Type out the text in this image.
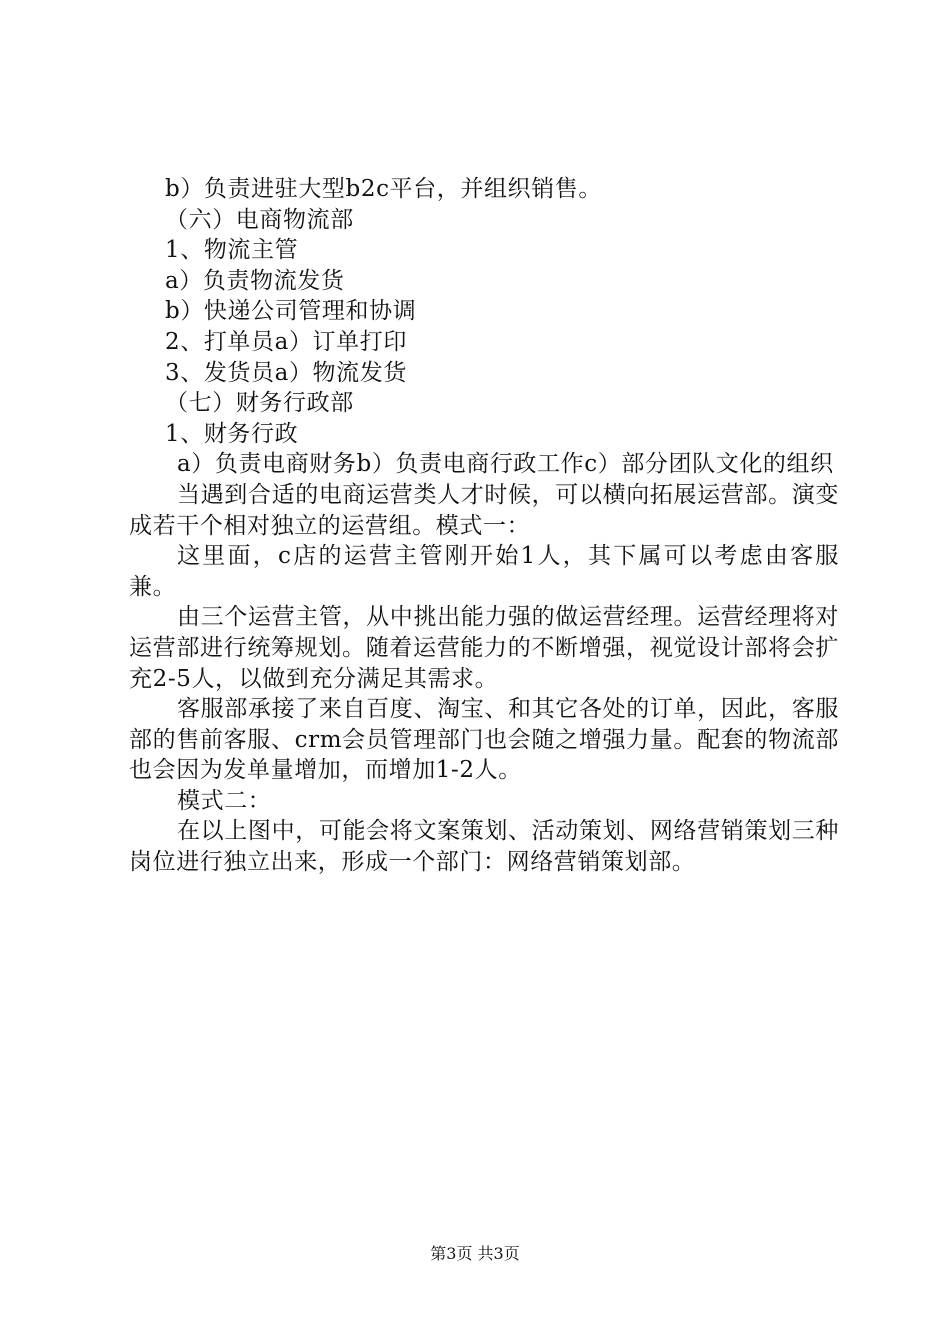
b）负责进驻大型b2c平台，并组织销售。
（六）电商物流部
1、物流主管
a）负责物流发货
b）快递公司管理和协调
2、打单员a）订单打印
3、发货员a）物流发货
（七）财务行政部
1、财务行政
a）负责电商财务b）负责电商行政工作c）部分团队文化的组织
当遇到合适的电商运营类人才时候，可以横向拓展运营部。演变成若干个相对独立的运营组。模式一：
这里面，c店的运营主管刚开始1人，其下属可以考虑由客服兼。
由三个运营主管，从中挑出能力强的做运营经理。运营经理将对运营部进行统筹规划。随着运营能力的不断增强，视觉设计部将会扩充2-5人，以做到充分满足其需求。
客服部承接了来自百度、淘宝、和其它各处的订单，因此，客服部的售前客服、crm会员管理部门也会随之增强力量。配套的物流部也会因为发单量增加，而增加1-2人。
模式二：
在以上图中，可能会将文案策划、活动策划、网络营销策划三种岗位进行独立出来，形成一个部门：网络营销策划部。
第3页 共3页
